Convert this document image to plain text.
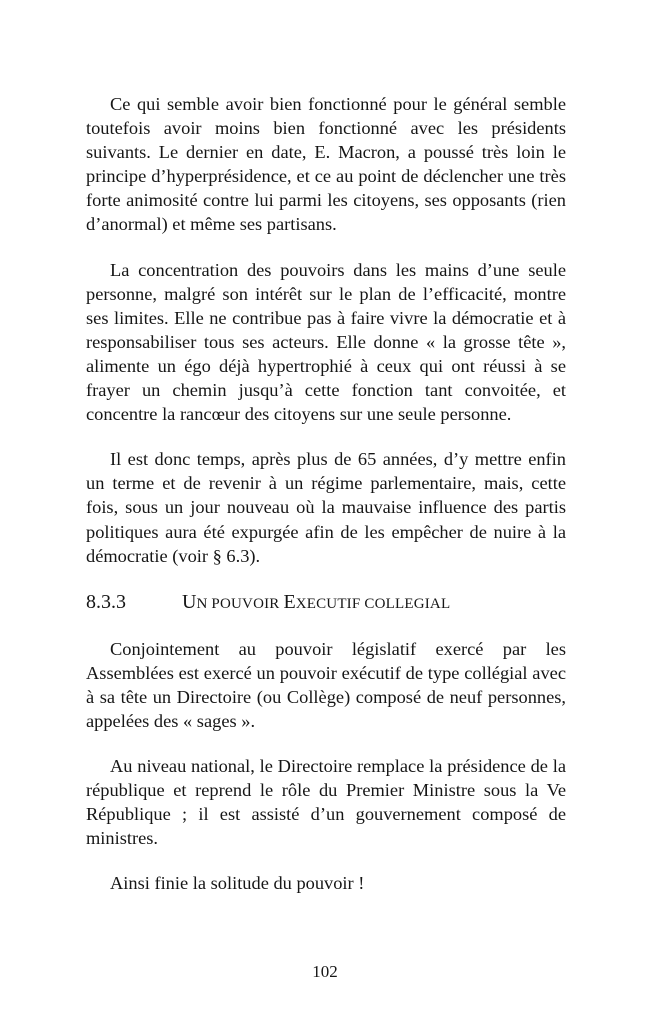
Ce qui semble avoir bien fonctionné pour le général semble toutefois avoir moins bien fonctionné avec les présidents suivants. Le dernier en date, E. Macron, a poussé très loin le principe d’hyperprésidence, et ce au point de déclencher une très forte animosité contre lui parmi les citoyens, ses opposants (rien d’anormal) et même ses partisans.

La concentration des pouvoirs dans les mains d’une seule personne, malgré son intérêt sur le plan de l’efficacité, montre ses limites. Elle ne contribue pas à faire vivre la démocratie et à responsabiliser tous ses acteurs. Elle donne « la grosse tête », alimente un égo déjà hypertrophié à ceux qui ont réussi à se frayer un chemin jusqu’à cette fonction tant convoitée, et concentre la rancœur des citoyens sur une seule personne.

Il est donc temps, après plus de 65 années, d’y mettre enfin un terme et de revenir à un régime parlementaire, mais, cette fois, sous un jour nouveau où la mauvaise influence des partis politiques aura été expurgée afin de les empêcher de nuire à la démocratie (voir § 6.3).

8.3.3	UN POUVOIR EXECUTIF COLLEGIAL

Conjointement au pouvoir législatif exercé par les Assemblées est exercé un pouvoir exécutif de type collégial avec à sa tête un Directoire (ou Collège) composé de neuf personnes, appelées des « sages ».

Au niveau national, le Directoire remplace la présidence de la république et reprend le rôle du Premier Ministre sous la Ve République ; il est assisté d’un gouvernement composé de ministres.

Ainsi finie la solitude du pouvoir !

102
